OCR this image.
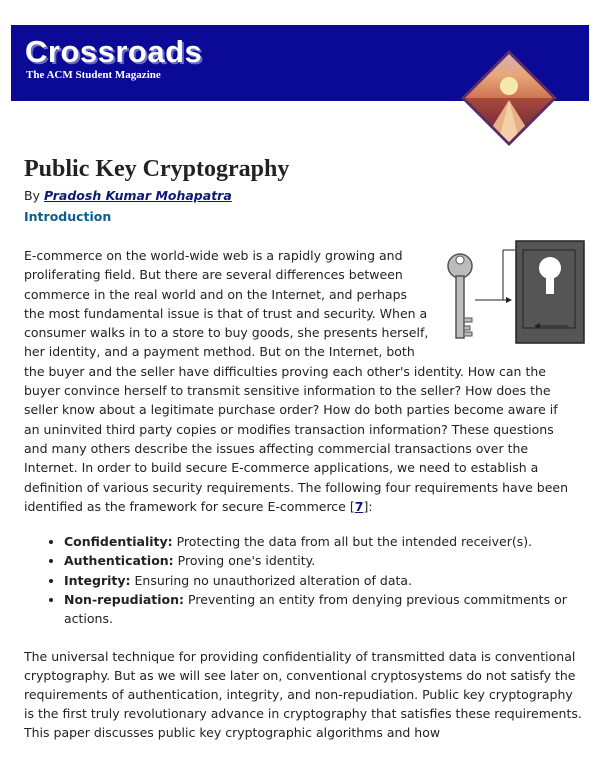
Crossroads
The ACM Student Magazine
Public Key Cryptography
By Pradosh Kumar Mohapatra
Introduction
E-commerce on the world-wide web is a rapidly growing and
proliferating field. But there are several differences between
commerce in the real world and on the Internet, and perhaps
the most fundamental issue is that of trust and security. When a
consumer walks in to a store to buy goods, she presents herself,
her identity, and a payment method. But on the Internet, both
the buyer and the seller have difficulties proving each other's identity. How can the
buyer convince herself to transmit sensitive information to the seller? How does the
seller know about a legitimate purchase order? How do both parties become aware if
an uninvited third party copies or modifies transaction information? These questions
and many others describe the issues affecting commercial transactions over the
Internet. In order to build secure E-commerce applications, we need to establish a
definition of various security requirements. The following four requirements have been
identified as the framework for secure E-commerce [7]:
Confidentiality: Protecting the data from all but the intended receiver(s).
Authentication: Proving one's identity.
Integrity: Ensuring no unauthorized alteration of data.
Non-repudiation: Preventing an entity from denying previous commitments or actions.
The universal technique for providing confidentiality of transmitted data is conventional cryptography. But as we will see later on, conventional cryptosystems do not satisfy the requirements of authentication, integrity, and non-repudiation. Public key cryptography is the first truly revolutionary advance in cryptography that satisfies these requirements. This paper discusses public key cryptographic algorithms and how
